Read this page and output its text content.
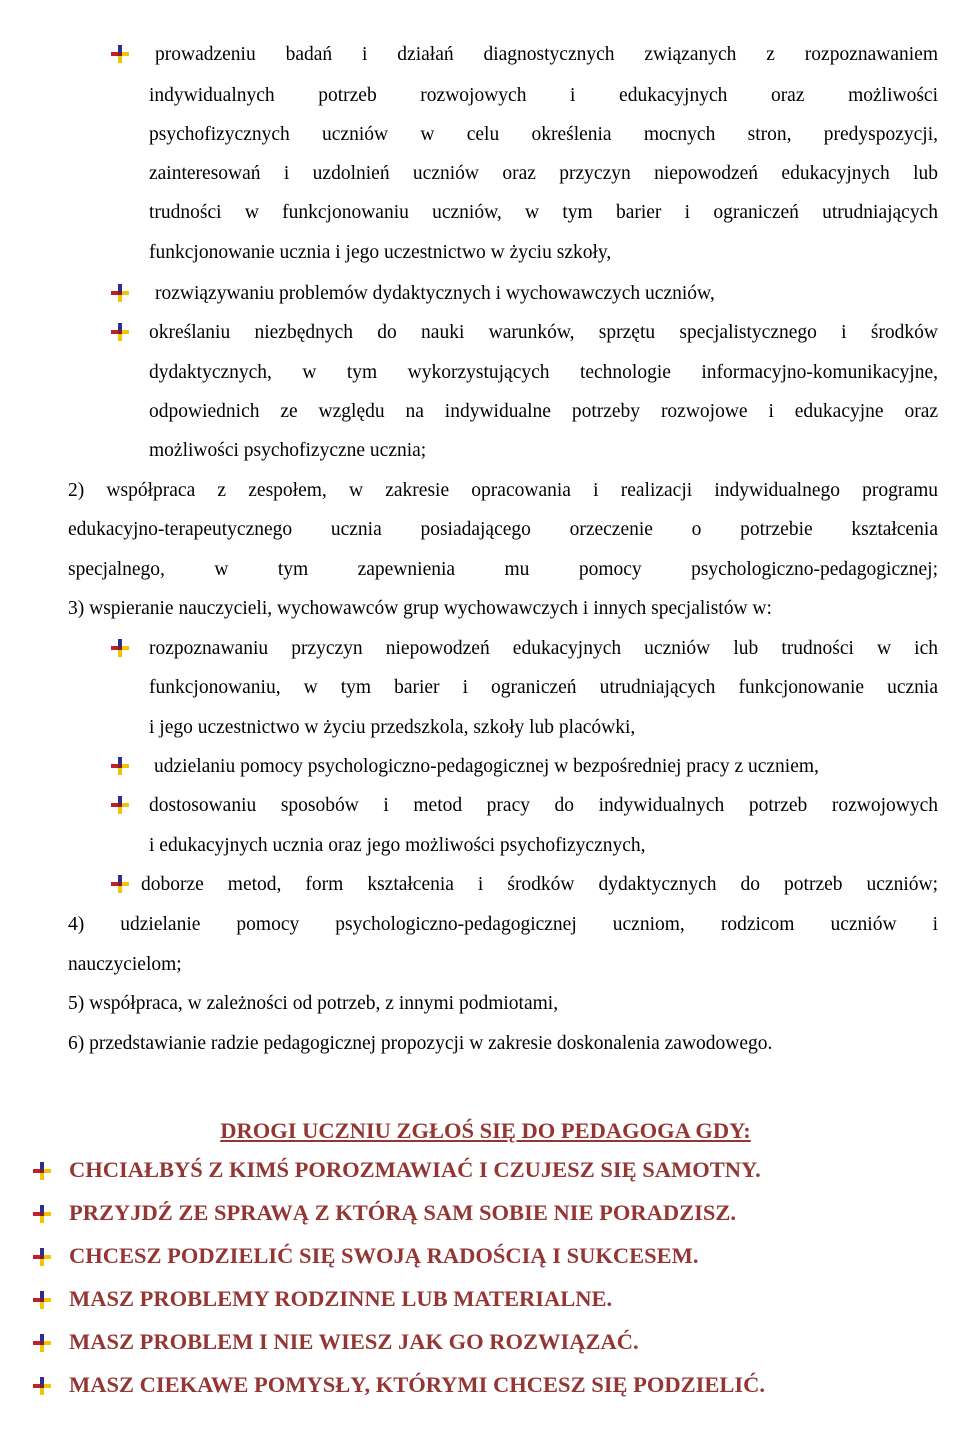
prowadzeniu badań i działań diagnostycznych związanych z rozpoznawaniem
indywidualnych potrzeb rozwojowych i edukacyjnych oraz możliwości
psychofizycznych uczniów w celu określenia mocnych stron, predyspozycji,
zainteresowań i uzdolnień uczniów oraz przyczyn niepowodzeń edukacyjnych lub
trudności w funkcjonowaniu uczniów, w tym barier i ograniczeń utrudniających
funkcjonowanie ucznia i jego uczestnictwo w życiu szkoły,
rozwiązywaniu problemów dydaktycznych i wychowawczych uczniów,
określaniu niezbędnych do nauki warunków, sprzętu specjalistycznego i środków
dydaktycznych, w tym wykorzystujących technologie informacyjno-komunikacyjne,
odpowiednich ze względu na indywidualne potrzeby rozwojowe i edukacyjne oraz
możliwości psychofizyczne ucznia;
2) współpraca z zespołem, w zakresie opracowania i realizacji indywidualnego programu
edukacyjno-terapeutycznego ucznia posiadającego orzeczenie o potrzebie kształcenia
specjalnego, w tym zapewnienia mu pomocy psychologiczno-pedagogicznej;
3) wspieranie nauczycieli, wychowawców grup wychowawczych i innych specjalistów w:
rozpoznawaniu przyczyn niepowodzeń edukacyjnych uczniów lub trudności w ich
funkcjonowaniu, w tym barier i ograniczeń utrudniających funkcjonowanie ucznia
i jego uczestnictwo w życiu przedszkola, szkoły lub placówki,
udzielaniu pomocy psychologiczno-pedagogicznej w bezpośredniej pracy z uczniem,
dostosowaniu sposobów i metod pracy do indywidualnych potrzeb rozwojowych
i edukacyjnych ucznia oraz jego możliwości psychofizycznych,
doborze metod, form kształcenia i środków dydaktycznych do potrzeb uczniów;
4) udzielanie pomocy psychologiczno-pedagogicznej uczniom, rodzicom uczniów i
nauczycielom;
5) współpraca, w zależności od potrzeb, z innymi podmiotami,
6) przedstawianie radzie pedagogicznej propozycji w zakresie doskonalenia zawodowego.
DROGI UCZNIU ZGŁOŚ SIĘ DO PEDAGOGA GDY:
CHCIAŁBYŚ Z KIMŚ POROZMAWIAĆ I CZUJESZ SIĘ SAMOTNY.
PRZYJDŹ ZE SPRAWĄ Z KTÓRĄ SAM SOBIE NIE PORADZISZ.
CHCESZ PODZIELIĆ SIĘ SWOJĄ RADOŚCIĄ I SUKCESEM.
MASZ PROBLEMY RODZINNE LUB MATERIALNE.
MASZ PROBLEM I NIE WIESZ JAK GO ROZWIĄZAĆ.
MASZ CIEKAWE POMYSŁY, KTÓRYMI CHCESZ SIĘ PODZIELIĆ.
